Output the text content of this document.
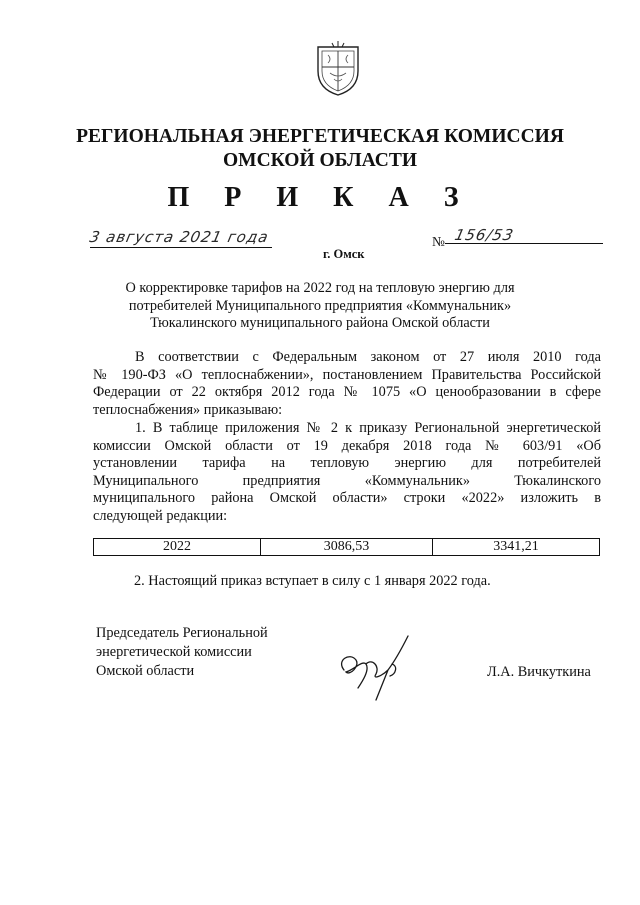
РЕГИОНАЛЬНАЯ ЭНЕРГЕТИЧЕСКАЯ КОМИССИЯ
ОМСКОЙ ОБЛАСТИ
П Р И К А З
3 августа 2021 года
г. Омск
№ 156/53
О корректировке тарифов на 2022 год на тепловую энергию для
потребителей Муниципального предприятия «Коммунальник»
Тюкалинского муниципального района Омской области
В соответствии с Федеральным законом от 27 июля 2010 года
№ 190-ФЗ «О теплоснабжении», постановлением Правительства Российской
Федерации от 22 октября 2012 года № 1075 «О ценообразовании в сфере
теплоснабжения» приказываю:
1. В таблице приложения № 2 к приказу Региональной энергетической
комиссии Омской области от 19 декабря 2018 года № 603/91 «Об
установлении тарифа на тепловую энергию для потребителей
Муниципального предприятия «Коммунальник» Тюкалинского
муниципального района Омской области» строки «2022» изложить в
следующей редакции:
2022	3086,53	3341,21
2. Настоящий приказ вступает в силу с 1 января 2022 года.
Председатель Региональной
энергетической комиссии
Омской области	Л.А. Вичкуткина
